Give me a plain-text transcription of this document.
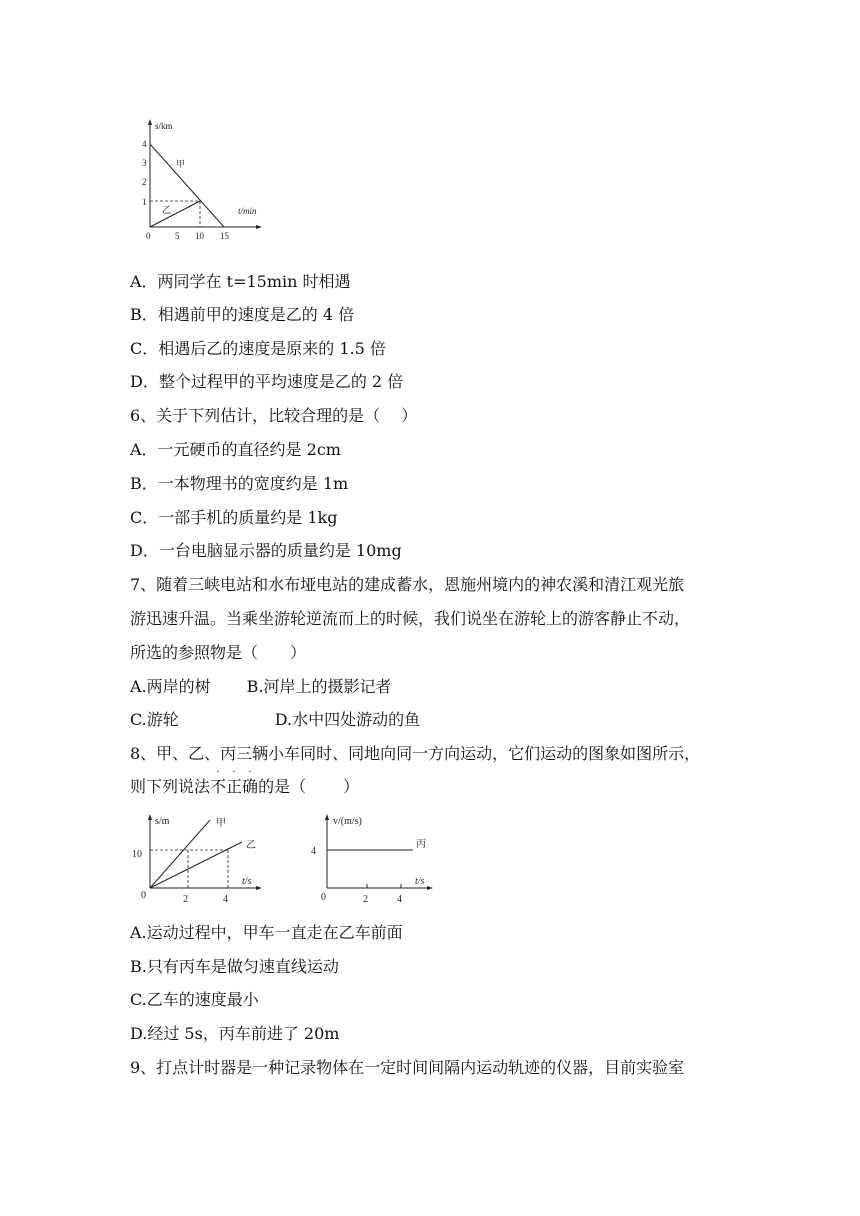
s/km
t/min
1
2
3
4
0	5 10 15
甲
乙
A．两同学在 t=15min 时相遇
B．相遇前甲的速度是乙的 4 倍
C．相遇后乙的速度是原来的 1.5 倍
D．整个过程甲的平均速度是乙的 2 倍
6、关于下列估计，比较合理的是（　 ）
A．一元硬币的直径约是 2cm
B．一本物理书的宽度约是 1m
C．一部手机的质量约是 1kg
D．一台电脑显示器的质量约是 10mg
7、随着三峡电站和水布垭电站的建成蓄水，恩施州境内的神农溪和清江观光旅
游迅速升温。当乘坐游轮逆流而上的时候，我们说坐在游轮上的游客静止不动，
所选的参照物是（　　）
A.两岸的树 B.河岸上的摄影记者
C.游轮	D.水中四处游动的鱼
8、甲、乙、丙三辆小车同时、同地向同一方向运动，它们运动的图象如图所示，
则下列说法
·
不
·
正
·
确的是（　　 ）
s/m
t/s
10
0	2	4
甲
乙
v/(m/s)
t/s
4
0	2	4
丙
A.运动过程中，甲车一直走在乙车前面
B.只有丙车是做匀速直线运动
C.乙车的速度最小
D.经过 5s，丙车前进了 20m
9、打点计时器是一种记录物体在一定时间间隔内运动轨迹的仪器，目前实验室
